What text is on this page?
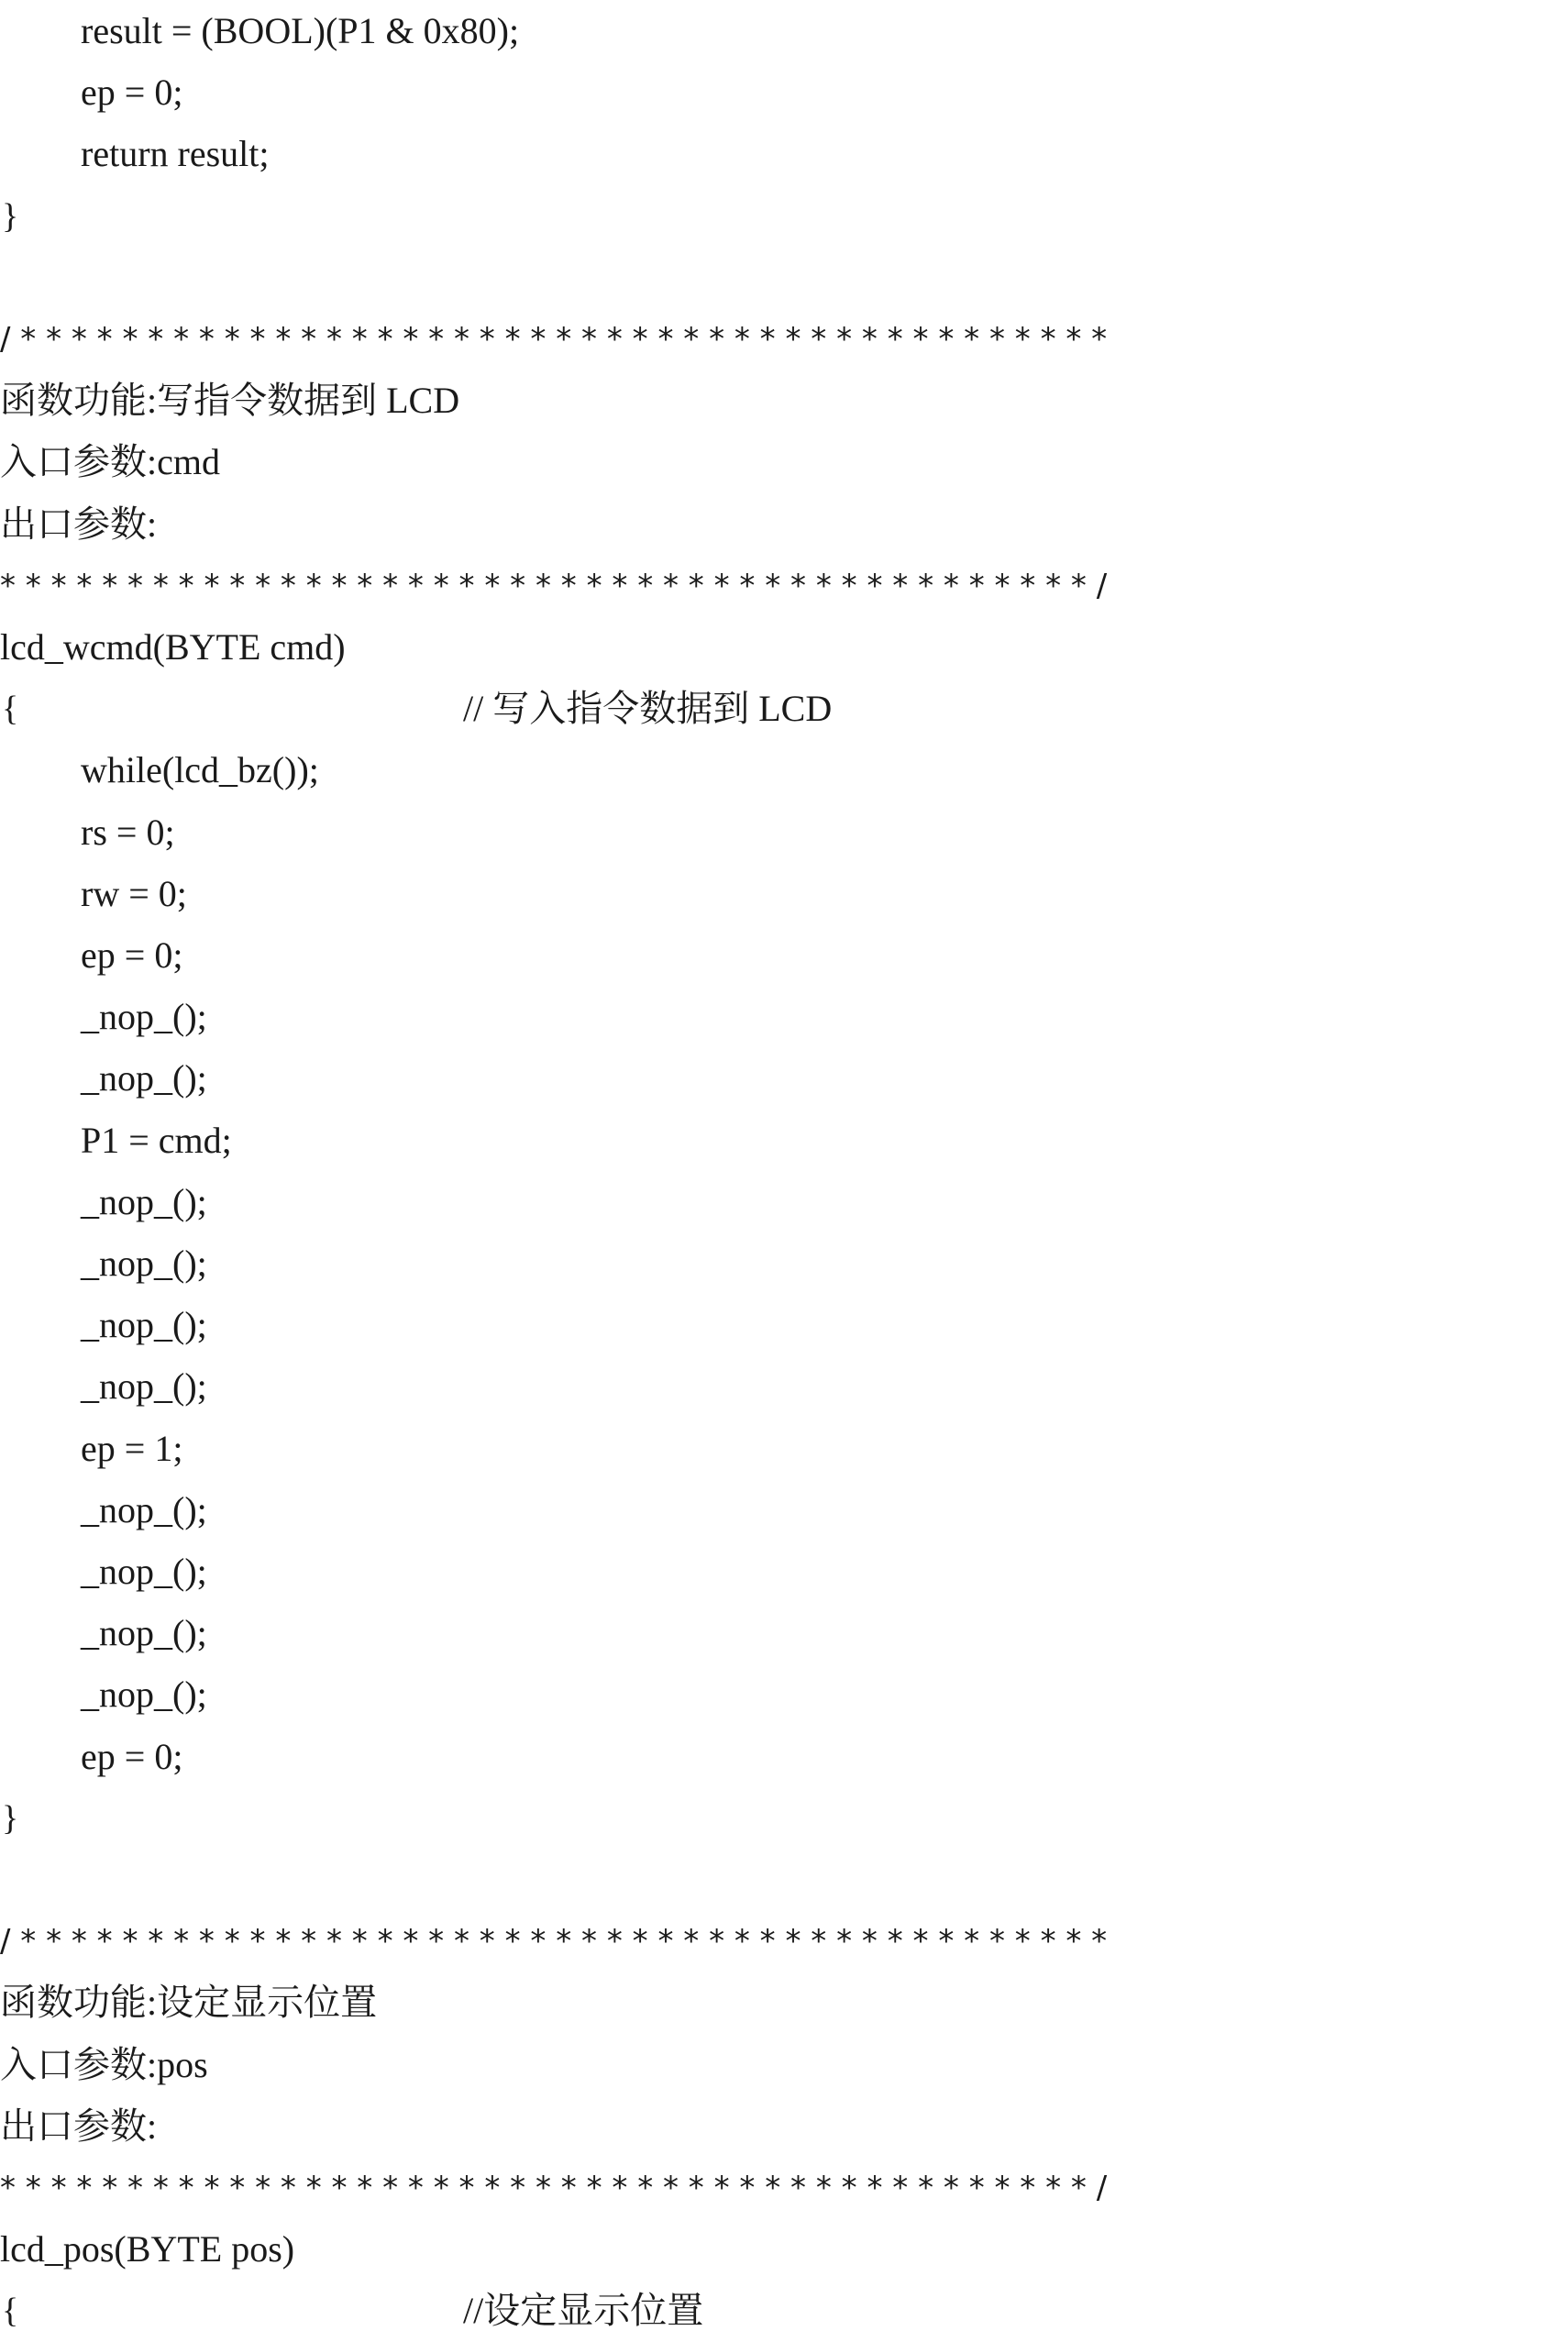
result = (BOOL)(P1 & 0x80);
ep = 0;
return result;
}
/ * * * * * * * * * * * * * * * * * * * * * * * * * * * * * * * * * * * * * * * * * * *
函数功能:写指令数据到 LCD
入口参数:cmd
出口参数:
* * * * * * * * * * * * * * * * * * * * * * * * * * * * * * * * * * * * * * * * * * * /
lcd_wcmd(BYTE cmd)
{	// 写入指令数据到 LCD
while(lcd_bz());
rs = 0;
rw = 0;
ep = 0;
_nop_();
_nop_();
P1 = cmd;
_nop_();
_nop_();
_nop_();
_nop_();
ep = 1;
_nop_();
_nop_();
_nop_();
_nop_();
ep = 0;
}
/ * * * * * * * * * * * * * * * * * * * * * * * * * * * * * * * * * * * * * * * * * * *
函数功能:设定显示位置
入口参数:pos
出口参数:
* * * * * * * * * * * * * * * * * * * * * * * * * * * * * * * * * * * * * * * * * * * /
lcd_pos(BYTE pos)
{	//设定显示位置
